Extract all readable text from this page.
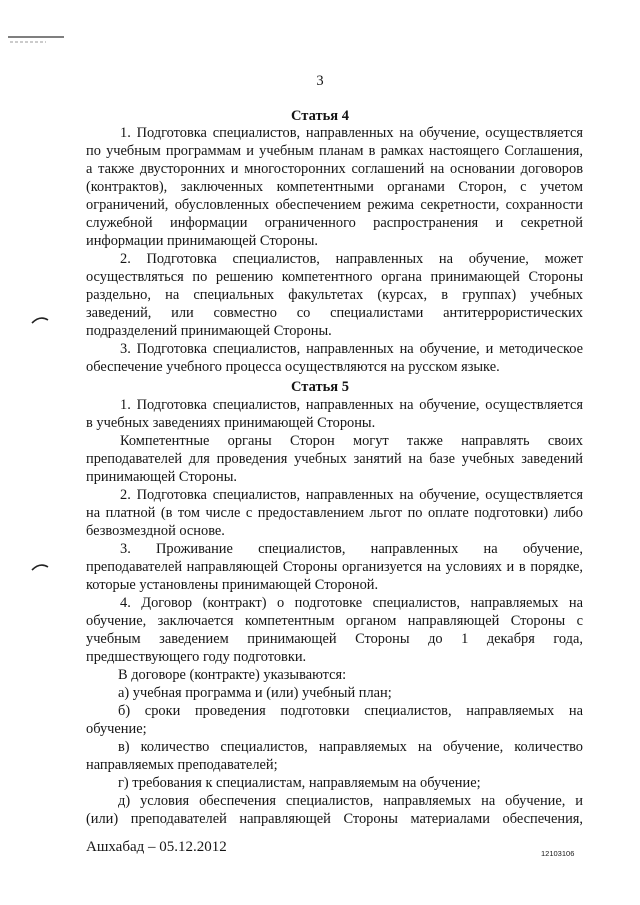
3
Статья 4
1. Подготовка специалистов, направленных на обучение, осуществляется
по учебным программам и учебным планам в рамках настоящего Соглашения,
а также двусторонних и многосторонних соглашений на основании договоров
(контрактов), заключенных компетентными органами Сторон, с учетом
ограничений, обусловленных обеспечением режима секретности, сохранности
служебной информации ограниченного распространения и секретной
информации принимающей Стороны.
2. Подготовка специалистов, направленных на обучение, может
осуществляться по решению компетентного органа принимающей Стороны
раздельно, на специальных факультетах (курсах, в группах) учебных
заведений, или совместно со специалистами антитеррористических
подразделений принимающей Стороны.
3. Подготовка специалистов, направленных на обучение, и методическое
обеспечение учебного процесса осуществляются на русском языке.
Статья 5
1. Подготовка специалистов, направленных на обучение, осуществляется
в учебных заведениях принимающей Стороны.
Компетентные органы Сторон могут также направлять своих
преподавателей для проведения учебных занятий на базе учебных заведений
принимающей Стороны.
2. Подготовка специалистов, направленных на обучение, осуществляется
на платной (в том числе с предоставлением льгот по оплате подготовки) либо
безвозмездной основе.
3. Проживание специалистов, направленных на обучение,
преподавателей направляющей Стороны организуется на условиях и в порядке,
которые установлены принимающей Стороной.
4. Договор (контракт) о подготовке специалистов, направляемых на
обучение, заключается компетентным органом направляющей Стороны с
учебным заведением принимающей Стороны до 1 декабря года,
предшествующего году подготовки.
В договоре (контракте) указываются:
а) учебная программа и (или) учебный план;
б) сроки проведения подготовки специалистов, направляемых на
обучение;
в) количество специалистов, направляемых на обучение, количество
направляемых преподавателей;
г) требования к специалистам, направляемым на обучение;
д) условия обеспечения специалистов, направляемых на обучение, и
(или) преподавателей направляющей Стороны материалами обеспечения,
Ашхабад – 05.12.2012	12103106
